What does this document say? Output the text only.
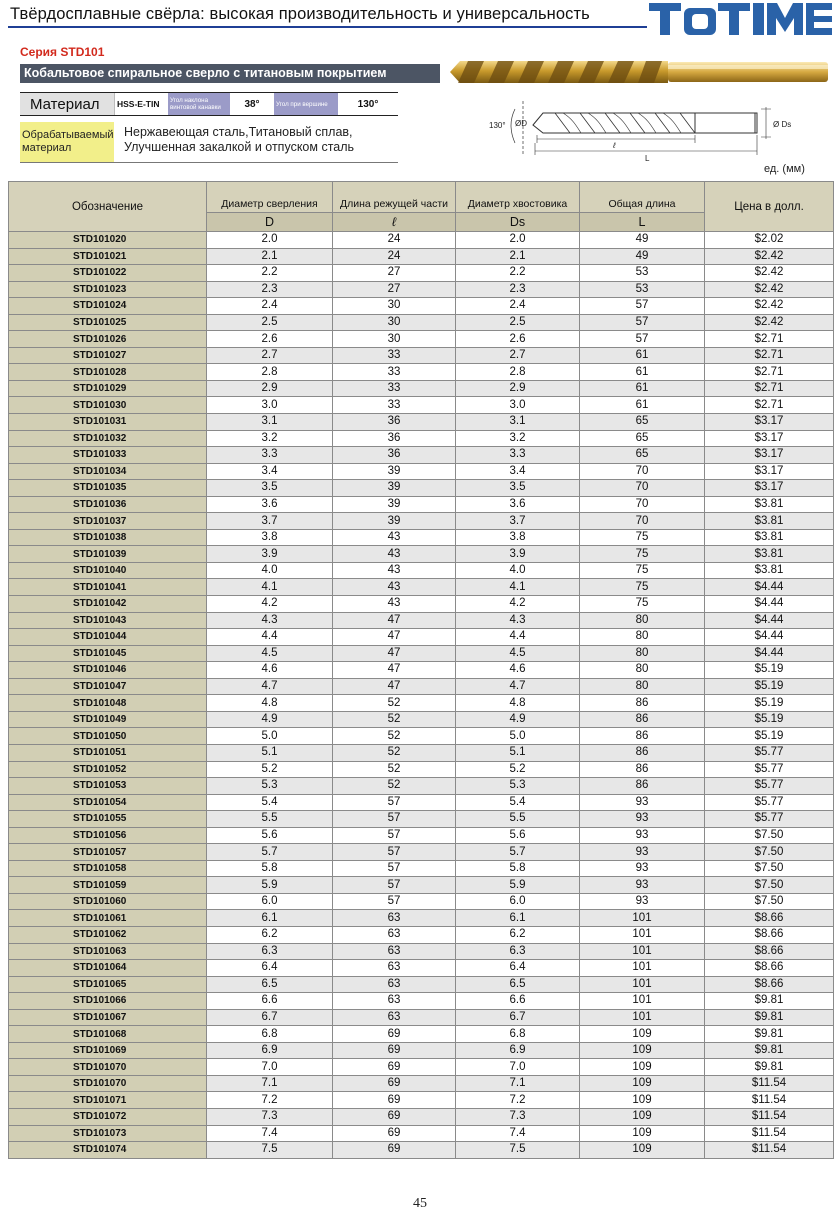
Твёрдосплавные свёрла: высокая производительность и универсальность
Серия STD101
Кобальтовое спиральное сверло с титановым покрытием
Материал	HSS-E-TIN	Угол наклона винтовой канавки	38°	Угол при вершине	130°
Обрабатываемый материал
Нержавеющая сталь,Титановый сплав,
Улучшенная закалкой и отпуском сталь
130° ØD	Ø Ds
ℓ
L
ед. (мм)
Обозначение	Диаметр сверления	Длина режущей части	Диаметр хвостовика	Общая длина	Цена в долл.
	D	ℓ	Ds	L	
STD101020	2.0	24	2.0	49	$2.02
STD101021	2.1	24	2.1	49	$2.42
STD101022	2.2	27	2.2	53	$2.42
STD101023	2.3	27	2.3	53	$2.42
STD101024	2.4	30	2.4	57	$2.42
STD101025	2.5	30	2.5	57	$2.42
STD101026	2.6	30	2.6	57	$2.71
STD101027	2.7	33	2.7	61	$2.71
STD101028	2.8	33	2.8	61	$2.71
STD101029	2.9	33	2.9	61	$2.71
STD101030	3.0	33	3.0	61	$2.71
STD101031	3.1	36	3.1	65	$3.17
STD101032	3.2	36	3.2	65	$3.17
STD101033	3.3	36	3.3	65	$3.17
STD101034	3.4	39	3.4	70	$3.17
STD101035	3.5	39	3.5	70	$3.17
STD101036	3.6	39	3.6	70	$3.81
STD101037	3.7	39	3.7	70	$3.81
STD101038	3.8	43	3.8	75	$3.81
STD101039	3.9	43	3.9	75	$3.81
STD101040	4.0	43	4.0	75	$3.81
STD101041	4.1	43	4.1	75	$4.44
STD101042	4.2	43	4.2	75	$4.44
STD101043	4.3	47	4.3	80	$4.44
STD101044	4.4	47	4.4	80	$4.44
STD101045	4.5	47	4.5	80	$4.44
STD101046	4.6	47	4.6	80	$5.19
STD101047	4.7	47	4.7	80	$5.19
STD101048	4.8	52	4.8	86	$5.19
STD101049	4.9	52	4.9	86	$5.19
STD101050	5.0	52	5.0	86	$5.19
STD101051	5.1	52	5.1	86	$5.77
STD101052	5.2	52	5.2	86	$5.77
STD101053	5.3	52	5.3	86	$5.77
STD101054	5.4	57	5.4	93	$5.77
STD101055	5.5	57	5.5	93	$5.77
STD101056	5.6	57	5.6	93	$7.50
STD101057	5.7	57	5.7	93	$7.50
STD101058	5.8	57	5.8	93	$7.50
STD101059	5.9	57	5.9	93	$7.50
STD101060	6.0	57	6.0	93	$7.50
STD101061	6.1	63	6.1	101	$8.66
STD101062	6.2	63	6.2	101	$8.66
STD101063	6.3	63	6.3	101	$8.66
STD101064	6.4	63	6.4	101	$8.66
STD101065	6.5	63	6.5	101	$8.66
STD101066	6.6	63	6.6	101	$9.81
STD101067	6.7	63	6.7	101	$9.81
STD101068	6.8	69	6.8	109	$9.81
STD101069	6.9	69	6.9	109	$9.81
STD101070	7.0	69	7.0	109	$9.81
STD101070	7.1	69	7.1	109	$11.54
STD101071	7.2	69	7.2	109	$11.54
STD101072	7.3	69	7.3	109	$11.54
STD101073	7.4	69	7.4	109	$11.54
STD101074	7.5	69	7.5	109	$11.54
45
